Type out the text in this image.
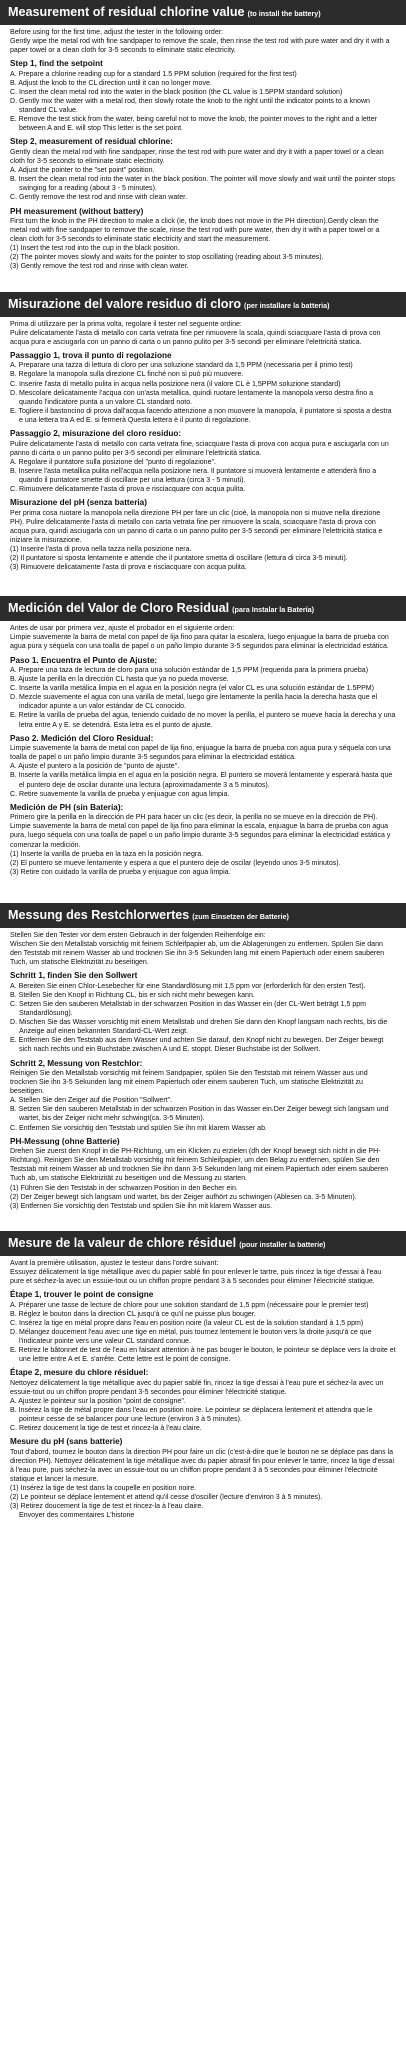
Measurement of residual chlorine value (to install the battery)
Before using for the first time, adjust the tester in the following order:
Gently wipe the metal rod with fine sandpaper to remove the scale, then rinse the test rod with pure water and dry it with a paper towel or a clean cloth for 3-5 seconds to eliminate static electricity.
Step 1, find the setpoint
A. Prepare a chlorine reading cup for a standard 1.5 PPM solution (required for the first test)
B. Adjust the knob to the CL direction until it can no longer move.
C. Insert the clean metal rod into the water in the black position (the CL value is 1.5PPM standard solution)
D. Gently mix the water with a metal rod, then slowly rotate the knob to the right until the indicator points to a known standard CL value.
E. Remove the test stick from the water, being careful not to move the knob, the pointer moves to the right and a letter between A and E. will stop This letter is the set point.
Step 2, measurement of residual chlorine:
Gently clean the metal rod with fine sandpaper, rinse the test rod with pure water and dry it with a paper towel or a clean cloth for 3-5 seconds to eliminate static electricity.
A. Adjust the pointer to the "set point" position.
B. Insert the clean metal rod into the water in the black position. The pointer will move slowly and wait until the pointer stops swinging for a reading (about 3 - 5 minutes).
C. Gently remove the test rod and rinse with clean water.
PH measurement (without battery)
First turn the knob in the PH direction to make a click (ie, the knob does not move in the PH direction).Gently clean the metal rod with fine sandpaper to remove the scale, rinse the test rod with pure water, then dry it with a paper towel or a clean cloth for 3-5 seconds to eliminate static electricity and start the measurement.
(1) Insert the test rod into the cup in the black position.
(2) The pointer moves slowly and waits for the pointer to stop oscillating (reading about 3-5 minutes).
(3) Gently remove the test rod and rinse with clean water.
Misurazione del valore residuo di cloro (per installare la batteria)
Prima di utilizzare per la prima volta, regolare il tester nel seguente ordine:
Pulire delicatamente l'asta di metallo con carta vetrata fine per rimuovere la scala, quindi sciacquare l'asta di prova con acqua pura e asciugarla con un panno di carta o un panno pulito per 3-5 secondi per eliminare l'elettricità statica.
Passaggio 1, trova il punto di regolazione
A. Preparare una tazza di lettura di cloro per una soluzione standard da 1,5 PPM (necessaria per il primo test)
B. Regolare la manopola sulla direzione CL finché non si può più muovere.
C. Inserire l'asta di metallo pulita in acqua nella posizione nera (il valore CL è 1,5PPM soluzione standard)
D. Mescolare delicatamente l'acqua con un'asta metallica, quindi ruotare lentamente la manopola verso destra fino a quando l'indicatore punta a un valore CL standard noto.
E. Togliere il bastoncino di prova dall'acqua facendo attenzione a non muovere la manopola, il puntatore si sposta a destra e una lettera tra A ed E. si fermerà Questa lettera è il punto di regolazione.
Passaggio 2, misurazione del cloro residuo:
Pulire delicatamente l'asta di metallo con carta vetrata fine, sciacquare l'asta di prova con acqua pura e asciugarla con un panno di carta o un panno pulito per 3-5 secondi per eliminare l'elettricità statica.
A. Regolare il puntatore sulla posizione del "punto di regolazione".
B. Inserire l'asta metallica pulita nell'acqua nella posizione nera. Il puntatore si muoverà lentamente e attenderà fino a quando il puntatore smette di oscillare per una lettura (circa 3 - 5 minuti).
C. Rimuovere delicatamente l'asta di prova e risciacquare con acqua pulita.
Misurazione del pH (senza batteria)
Per prima cosa ruotare la manopola nella direzione PH per fare un clic (cioè, la manopola non si muove nella direzione PH). Pulire delicatamente l'asta di metallo con carta vetrata fine per rimuovere la scala, sciacquare l'asta di prova con acqua pura, quindi asciugarla con un panno di carta o un panno pulito per 3-5 secondi per eliminare l'elettricità statica e iniziare la misurazione.
(1) Inserire l'asta di prova nella tazza nella posizione nera.
(2) Il puntatore si sposta lentamente e attende che il puntatore smetta di oscillare (lettura di circa 3-5 minuti).
(3) Rimuovere delicatamente l'asta di prova e risciacquare con acqua pulita.
Medición del Valor de Cloro Residual (para Instalar la Batería)
Antes de usar por primera vez, ajuste el probador en el siguiente orden:
Limpie suavemente la barra de metal con papel de lija fino para quitar la escalera, luego enjuague la barra de prueba con agua pura y séquela con una toalla de papel o un paño limpio durante 3-5 segundos para eliminar la electricidad estática.
Paso 1. Encuentra el Punto de Ajuste:
A. Prepare una taza de lectura de cloro para una solución estándar de 1,5 PPM (requerida para la primera prueba)
B. Ajuste la perilla en la dirección CL hasta que ya no pueda moverse.
C. Inserte la varilla metálica limpia en el agua en la posición negra (el valor CL es una solución estándar de 1.5PPM)
D. Mezcle suavemente el agua con una varilla de metal, luego gire lentamente la perilla hacia la derecha hasta que el indicador apunte a un valor estándar de CL conocido.
E. Retire la varilla de prueba del agua, teniendo cuidado de no mover la perilla, el puntero se mueve hacia la derecha y una letra entre A y E. se detendrá. Esta letra es el punto de ajuste.
Paso 2. Medición del Cloro Residual:
Limpie suavemente la barra de metal con papel de lija fino, enjuague la barra de prueba con agua pura y séquela con una toalla de papel o un paño limpio durante 3-5 segundos para eliminar la electricidad estática.
A. Ajuste el puntero a la posición de "punto de ajuste".
B. Inserte la varilla metálica limpia en el agua en la posición negra. El puntero se moverá lentamente y esperará hasta que el puntero deje de oscilar durante una lectura (aproximadamente 3 a 5 minutos).
C. Retire suavemente la varilla de prueba y enjuague con agua limpia.
Medición de PH (sin Batería):
Primero gire la perilla en la dirección de PH para hacer un clic (es decir, la perilla no se mueve en la dirección de PH). Limpie suavemente la barra de metal con papel de lija fino para eliminar la escala, enjuague la barra de prueba con agua pura, luego séquela con una toalla de papel o un paño limpio durante 3-5 segundos para eliminar la electricidad estática y comenzar la medición.
(1) Inserte la varilla de prueba en la taza en la posición negra.
(2) El puntero se mueve lentamente y espera a que el puntero deje de oscilar (leyendo unos 3-5 minutos).
(3) Retire con cuidado la varilla de prueba y enjuague con agua limpia.
Messung des Restchlorwertes (zum Einsetzen der Batterie)
Stellen Sie den Tester vor dem ersten Gebrauch in der folgenden Reihenfolge ein:
Wischen Sie den Metallstab vorsichtig mit feinem Schleifpapier ab, um die Ablagerungen zu entfernen. Spülen Sie dann den Teststab mit reinem Wasser ab und trocknen Sie ihn 3-5 Sekunden lang mit einem Papiertuch oder einem sauberen Tuch, um statische Elektrizität zu beseitigen.
Schritt 1, finden Sie den Sollwert
A. Bereiten Sie einen Chlor-Lesebecher für eine Standardlösung mit 1,5 ppm vor (erforderlich für den ersten Test).
B. Stellen Sie den Knopf in Richtung CL, bis er sich nicht mehr bewegen kann.
C. Setzen Sie den sauberen Metallstab in der schwarzen Position in das Wasser ein (der CL-Wert beträgt 1,5 ppm Standardlösung).
D. Mischen Sie das Wasser vorsichtig mit einem Metallstab und drehen Sie dann den Knopf langsam nach rechts, bis die Anzeige auf einen bekannten Standard-CL-Wert zeigt.
E. Entfernen Sie den Teststab aus dem Wasser und achten Sie darauf, den Knopf nicht zu bewegen. Der Zeiger bewegt sich nach rechts und ein Buchstabe zwischen A und E. stoppt. Dieser Buchstabe ist der Sollwert.
Schritt 2, Messung von Restchlor:
Reinigen Sie den Metallstab vorsichtig mit feinem Sandpapier, spülen Sie den Teststab mit reinem Wasser aus und trocknen Sie ihn 3-5 Sekunden lang mit einem Papiertuch oder einem sauberen Tuch, um statische Elektrizität zu beseitigen.
A. Stellen Sie den Zeiger auf die Position "Sollwert".
B. Setzen Sie den sauberen Metallstab in der schwarzen Position in das Wasser ein.Der Zeiger bewegt sich langsam und wartet, bis der Zeiger nicht mehr schwingt(ca. 3-5 Minuten).
C. Entfernen Sie vorsichtig den Teststab und spülen Sie ihn mit klarem Wasser ab.
PH-Messung (ohne Batterie)
Drehen Sie zuerst den Knopf in die PH-Richtung, um ein Klicken zu erzielen (dh der Knopf bewegt sich nicht in die PH-Richtung). Reinigen Sie den Metallstab vorsichtig mit feinem Schleifpapier, um den Belag zu entfernen, spülen Sie den Teststab mit reinem Wasser ab und trocknen Sie ihn dann 3-5 Sekunden lang mit einem Papiertuch oder einem sauberen Tuch ab, um statische Elektrizität zu beseitigen und die Messung zu starten.
(1) Führen Sie den Teststab in der schwarzen Position in den Becher ein.
(2) Der Zeiger bewegt sich langsam und wartet, bis der Zeiger aufhört zu schwingen (Ablesen ca. 3-5 Minuten).
(3) Entfernen Sie vorsichtig den Teststab und spülen Sie ihn mit klarem Wasser aus.
Mesure de la valeur de chlore résiduel (pour installer la batterie)
Avant la première utilisation, ajustez le testeur dans l'ordre suivant:
Essuyez délicatement la tige métallique avec du papier sablé fin pour enlever le tartre, puis rincez la tige d'essai à l'eau pure et séchez-la avec un essuie-tout ou un chiffon propre pendant 3 à 5 secondes pour éliminer l'électricité statique.
Étape 1, trouver le point de consigne
A. Préparer une tasse de lecture de chlore pour une solution standard de 1,5 ppm (nécessaire pour le premier test)
B. Réglez le bouton dans la direction CL jusqu'à ce qu'il ne puisse plus bouger.
C. Insérez la tige en métal propre dans l'eau en position noire (la valeur CL est de la solution standard à 1,5 ppm)
D. Mélangez doucement l'eau avec une tige en métal, puis tournez lentement le bouton vers la droite jusqu'à ce que l'indicateur pointe vers une valeur CL standard connue.
E. Retirez le bâtonnet de test de l'eau en faisant attention à ne pas bouger le bouton, le pointeur se déplace vers la droite et une lettre entre A et E. s'arrête. Cette lettre est le point de consigne.
Étape 2, mesure du chlore résiduel:
Nettoyez délicatement la tige métallique avec du papier sablé fin, rincez la tige d'essai à l'eau pure et séchez-la avec un essuie-tout ou un chiffon propre pendant 3-5 secondes pour éliminer l'électricité statique.
A. Ajustez le pointeur sur la position "point de consigne".
B. Insérez la tige de métal propre dans l'eau en position noire. Le pointeur se déplacera lentement et attendra que le pointeur cesse de se balancer pour une lecture (environ 3 à 5 minutes).
C. Retirez doucement la tige de test et rincez-la à l'eau claire.
Mesure du pH (sans batterie)
Tout d'abord, tournez le bouton dans la direction PH pour faire un clic (c'est-à-dire que le bouton ne se déplace pas dans la direction PH). Nettoyez délicatement la tige métallique avec du papier abrasif fin pour enlever le tartre, rincez la tige d'essai à l'eau pure, puis séchez-la avec un essuie-tout ou un chiffon propre pendant 3 à 5 secondes pour éliminer l'électricité statique et lancer la mesure.
(1) Insérez la tige de test dans la coupelle en position noire.
(2) Le pointeur se déplace lentement et attend qu'il cesse d'osciller (lecture d'environ 3 à 5 minutes).
(3) Retirez doucement la tige de test et rincez-la à l'eau claire.
Envoyer des commentaires L'historie
